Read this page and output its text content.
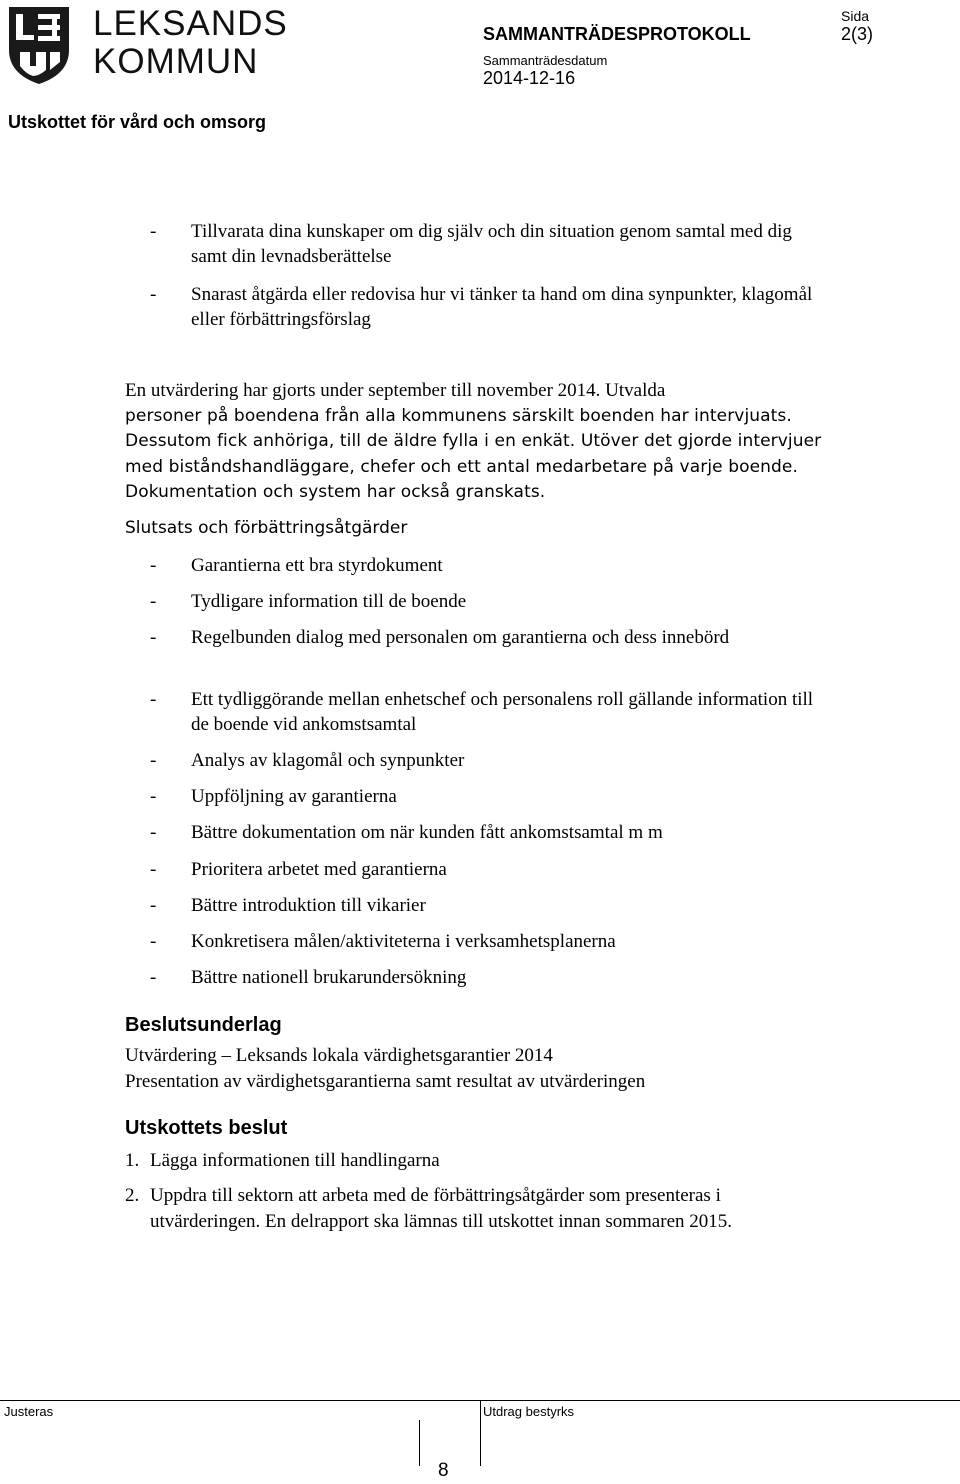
LEKSANDS
KOMMUN
SAMMANTRÄDESPROTOKOLL
Sida
2(3)
Sammanträdesdatum
2014-12-16
Utskottet för vård och omsorg
- Tillvarata dina kunskaper om dig själv och din situation genom samtal med dig samt din levnadsberättelse
- Snarast åtgärda eller redovisa hur vi tänker ta hand om dina synpunkter, klagomål eller förbättringsförslag
En utvärdering har gjorts under september till november 2014. Utvalda
personer på boendena från alla kommunens särskilt boenden har intervjuats. Dessutom fick anhöriga, till de äldre fylla i en enkät. Utöver det gjorde intervjuer med biståndshandläggare, chefer och ett antal medarbetare på varje boende. Dokumentation och system har också granskats.
Slutsats och förbättringsåtgärder
- Garantierna ett bra styrdokument
- Tydligare information till de boende
- Regelbunden dialog med personalen om garantierna och dess innebörd
- Ett tydliggörande mellan enhetschef och personalens roll gällande information till de boende vid ankomstsamtal
- Analys av klagomål och synpunkter
- Uppföljning av garantierna
- Bättre dokumentation om när kunden fått ankomstsamtal m m
- Prioritera arbetet med garantierna
- Bättre introduktion till vikarier
- Konkretisera målen/aktiviteterna i verksamhetsplanerna
- Bättre nationell brukarundersökning
Beslutsunderlag
Utvärdering – Leksands lokala värdighetsgarantier 2014
Presentation av värdighetsgarantierna samt resultat av utvärderingen
Utskottets beslut
1. Lägga informationen till handlingarna
2. Uppdra till sektorn att arbeta med de förbättringsåtgärder som presenteras i utvärderingen. En delrapport ska lämnas till utskottet innan sommaren 2015.
Justeras	Utdrag bestyrks
8
